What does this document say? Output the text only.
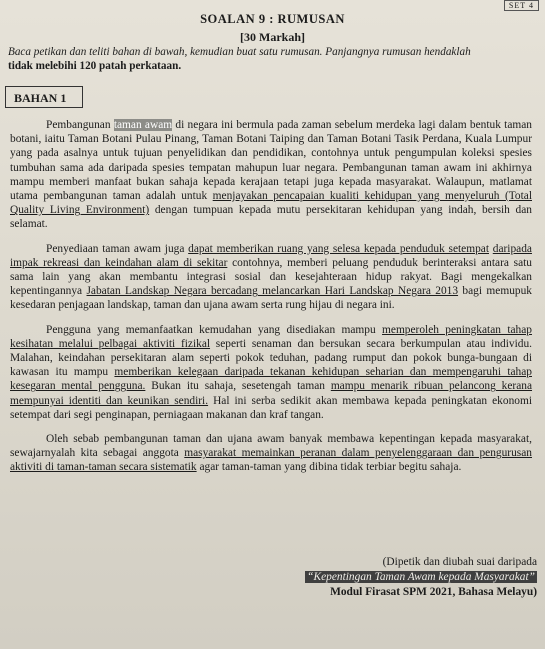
SET 4
SOALAN 9 : RUMUSAN
[30 Markah]
Baca petikan dan teliti bahan di bawah, kemudian buat satu rumusan. Panjangnya rumusan hendaklah
tidak melebihi 120 patah perkataan.
BAHAN 1

Pembangunan taman awam di negara ini bermula pada zaman sebelum merdeka lagi dalam bentuk taman botani, iaitu Taman Botani Pulau Pinang, Taman Botani Taiping dan Taman Botani Tasik Perdana, Kuala Lumpur yang pada asalnya untuk tujuan penyelidikan dan pendidikan, contohnya untuk pengumpulan koleksi spesies tumbuhan sama ada daripada spesies tempatan mahupun luar negara. Pembangunan taman awam ini akhirnya mampu memberi manfaat bukan sahaja kepada kerajaan tetapi juga kepada masyarakat. Walaupun, matlamat utama pembangunan taman adalah untuk menjayakan pencapaian kualiti kehidupan yang menyeluruh (Total Quality Living Environment) dengan tumpuan kepada mutu persekitaran kehidupan yang indah, bersih dan selamat.

Penyediaan taman awam juga dapat memberikan ruang yang selesa kepada penduduk setempat daripada impak rekreasi dan keindahan alam di sekitar contohnya, memberi peluang penduduk berinteraksi antara satu sama lain yang akan membantu integrasi sosial dan kesejahteraan hidup rakyat. Bagi mengekalkan kepentingannya Jabatan Landskap Negara bercadang melancarkan Hari Landskap Negara 2013 bagi memupuk kesedaran penjagaan landskap, taman dan ujana awam serta rung hijau di negara ini.

Pengguna yang memanfaatkan kemudahan yang disediakan mampu memperoleh peningkatan tahap kesihatan melalui pelbagai aktiviti fizikal seperti senaman dan bersukan secara berkumpulan atau individu. Malahan, keindahan persekitaran alam seperti pokok teduhan, padang rumput dan pokok bunga-bungaan di kawasan itu mampu memberikan kelegaan daripada tekanan kehidupan seharian dan mempengaruhi tahap kesegaran mental pengguna. Bukan itu sahaja, sesetengah taman mampu menarik ribuan pelancong kerana mempunyai identiti dan keunikan sendiri. Hal ini serba sedikit akan membawa kepada peningkatan ekonomi setempat dari segi penginapan, perniagaan makanan dan kraf tangan.

Oleh sebab pembangunan taman dan ujana awam banyak membawa kepentingan kepada masyarakat, sewajarnyalah kita sebagai anggota masyarakat memainkan peranan dalam penyelenggaraan dan pengurusan aktiviti di taman-taman secara sistematik agar taman-taman yang dibina tidak terbiar begitu sahaja.

(Dipetik dan diubah suai daripada
“Kepentingan Taman Awam kepada Masyarakat”
Modul Firasat SPM 2021, Bahasa Melayu)
